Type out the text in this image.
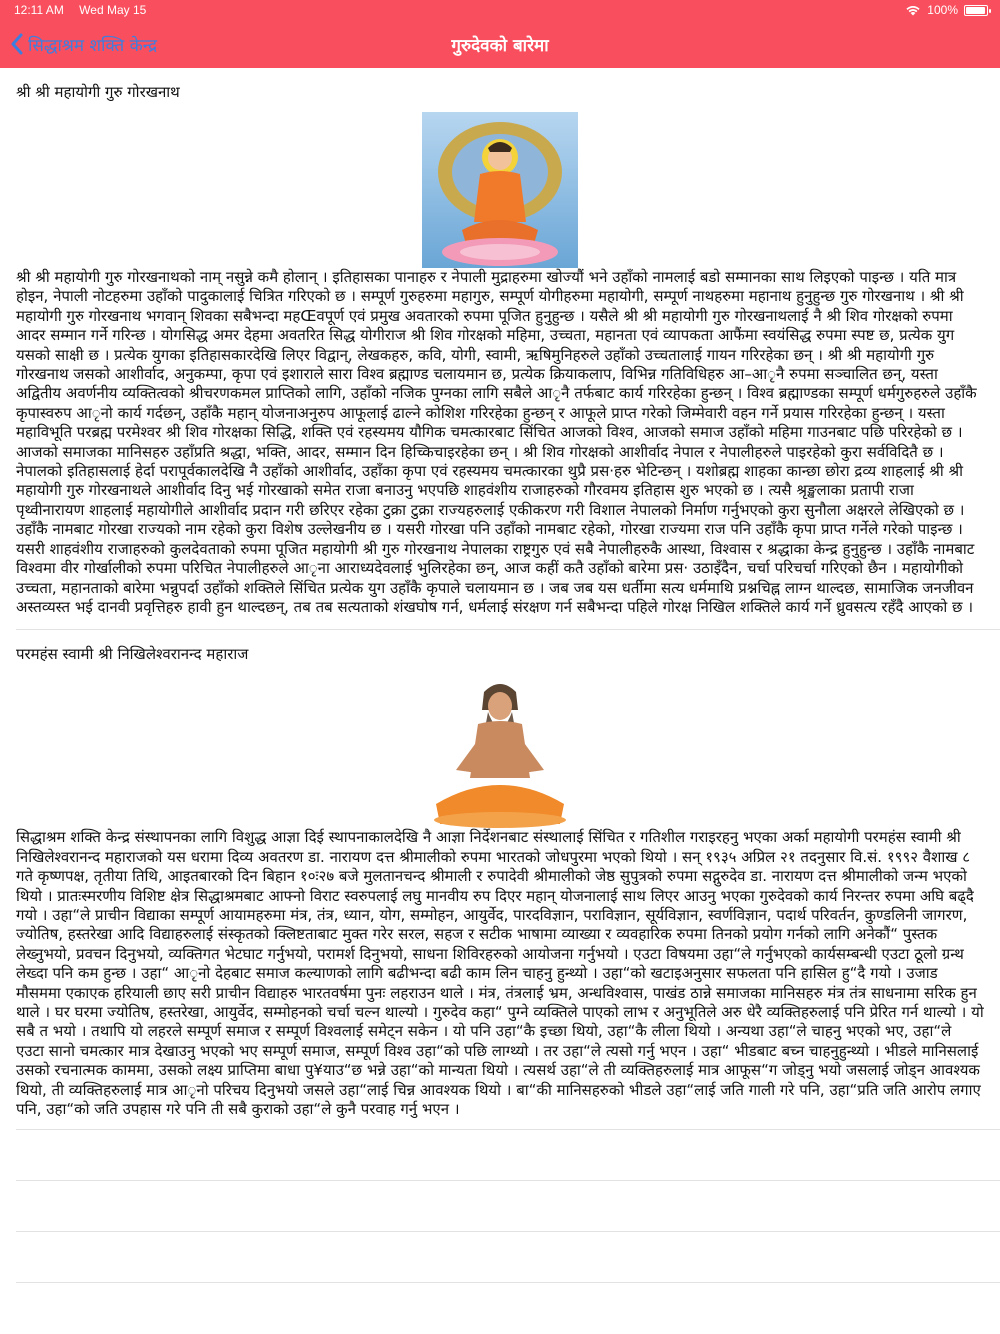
12:11 AM Wed May 15	100%
सिद्धाश्रम शक्ति केन्द्र	गुरुदेवको बारेमा
श्री श्री महायोगी गुरु गोरखनाथ

श्री श्री महायोगी गुरु गोरखनाथको नाम् नसुन्ने कमै होलान् । इतिहासका पानाहरु र नेपाली मुद्राहरुमा खोज्यौं भने उहाँको नामलाई बडो सम्मानका साथ लिइएको पाइन्छ । यति मात्र होइन, नेपाली नोटहरुमा उहाँको पादुकालाई चित्रित गरिएको छ । सम्पूर्ण गुरुहरुमा महागुरु, सम्पूर्ण योगीहरुमा महायोगी, सम्पूर्ण नाथहरुमा महानाथ हुनुहुन्छ गुरु गोरखनाथ । श्री श्री महायोगी गुरु गोरखनाथ भगवान् शिवका सबैभन्दा महŒवपूर्ण एवं प्रमुख अवतारको रुपमा पूजित हुनुहुन्छ । यसैले श्री श्री महायोगी गुरु गोरखनाथलाई नै श्री शिव गोरक्षको रुपमा आदर सम्मान गर्ने गरिन्छ । योगसिद्ध अमर देहमा अवतरित सिद्ध योगीराज श्री शिव गोरक्षको महिमा, उच्चता, महानता एवं व्यापकता आफैंमा स्वयंसिद्ध रुपमा स्पष्ट छ, प्रत्येक युग यसको साक्षी छ । प्रत्येक युगका इतिहासकारदेखि लिएर विद्वान्, लेखकहरु, कवि, योगी, स्वामी, ऋषिमुनिहरुले उहाँको उच्चतालाई गायन गरिरहेका छन् । श्री श्री महायोगी गुरु गोरखनाथ जसको आशीर्वाद, अनुकम्पा, कृपा एवं इशाराले सारा विश्व ब्रह्माण्ड चलायमान छ, प्रत्येक क्रियाकलाप, विभिन्न गतिविधिहरु आ–आ​ृनै रुपमा सञ्चालित छन्, यस्ता अद्वितीय अवर्णनीय व्यक्तित्वको श्रीचरणकमल प्राप्तिको लागि, उहाँको नजिक पुग्नका लागि सबैले आ​ृनै तर्फबाट कार्य गरिरहेका हुन्छन् । विश्व ब्रह्माण्डका सम्पूर्ण धर्मगुरुहरुले उहाँकै कृपास्वरुप आ​ृनो कार्य गर्दछन्, उहाँकै महान् योजनाअनुरुप आफूलाई ढाल्ने कोशिश गरिरहेका हुन्छन् र आफूले प्राप्त गरेको जिम्मेवारी वहन गर्ने प्रयास गरिरहेका हुन्छन् । यस्ता महाविभूति परब्रह्म परमेश्वर श्री शिव गोरक्षका सिद्धि, शक्ति एवं रहस्यमय यौगिक चमत्कारबाट सिंचित आजको विश्व, आजको समाज उहाँको महिमा गाउनबाट पछि परिरहेको छ । आजको समाजका मानिसहरु उहाँप्रति श्रद्धा, भक्ति, आदर, सम्मान दिन हिच्किचाइरहेका छन् । श्री शिव गोरक्षको आशीर्वाद नेपाल र नेपालीहरुले पाइरहेको कुरा सर्वविदितै छ । नेपालको इतिहासलाई हेर्दा परापूर्वकालदेखि नै उहाँको आशीर्वाद, उहाँका कृपा एवं रहस्यमय चमत्कारका थुप्रै प्रस·हरु भेटिन्छन् । यशोब्रह्म शाहका कान्छा छोरा द्रव्य शाहलाई श्री श्री महायोगी गुरु गोरखनाथले आशीर्वाद दिनु भई गोरखाको समेत राजा बनाउनु भएपछि शाहवंशीय राजाहरुको गौरवमय इतिहास शुरु भएको छ । त्यसै श्रृङ्खलाका प्रतापी राजा पृथ्वीनारायण शाहलाई महायोगीले आशीर्वाद प्रदान गरी छरिएर रहेका टुक्रा टुक्रा राज्यहरुलाई एकीकरण गरी विशाल नेपालको निर्माण गर्नुभएको कुरा सुनौला अक्षरले लेखिएको छ । उहाँकै नामबाट गोरखा राज्यको नाम रहेको कुरा विशेष उल्लेखनीय छ । यसरी गोरखा पनि उहाँको नामबाट रहेको, गोरखा राज्यमा राज पनि उहाँकै कृपा प्राप्त गर्नेले गरेको पाइन्छ । यसरी शाहवंशीय राजाहरुको कुलदेवताको रुपमा पूजित महायोगी श्री गुरु गोरखनाथ नेपालका राष्ट्रगुरु एवं सबै नेपालीहरुकै आस्था, विश्वास र श्रद्धाका केन्द्र हुनुहुन्छ । उहाँकै नामबाट विश्वमा वीर गोर्खालीको रुपमा परिचित नेपालीहरुले आ​ृना आराध्यदेवलाई भुलिरहेका छन्, आज कहीं कतै उहाँको बारेमा प्रस· उठाइँदैन, चर्चा परिचर्चा गरिएको छैन । महायोगीको उच्चता, महानताको बारेमा भन्नुपर्दा उहाँको शक्तिले सिंचित प्रत्येक युग उहाँकै कृपाले चलायमान छ । जब जब यस धर्तीमा सत्य धर्ममाथि प्रश्नचिह्न लाग्न थाल्दछ, सामाजिक जनजीवन अस्तव्यस्त भई दानवी प्रवृत्तिहरु हावी हुन थाल्दछन्, तब तब सत्यताको शंखघोष गर्न, धर्मलाई संरक्षण गर्न सबैभन्दा पहिले गोरक्ष निखिल शक्तिले कार्य गर्ने ध्रुवसत्य रहँदै आएको छ ।

परमहंस स्वामी श्री निखिलेश्वरानन्द महाराज

सिद्धाश्रम शक्ति केन्द्र संस्थापनका लागि विशुद्ध आज्ञा दिई स्थापनाकालदेखि नै आज्ञा निर्देशनबाट संस्थालाई सिंचित र गतिशील गराइरहनु भएका अर्का महायोगी परमहंस स्वामी श्री निखिलेश्वरानन्द महाराजको यस धरामा दिव्य अवतरण डा. नारायण दत्त श्रीमालीको रुपमा भारतको जोधपुरमा भएको थियो । सन् १९३५ अप्रिल २१ तदनुसार वि.सं. १९९२ वैशाख ८ गते कृष्णपक्ष, तृतीया तिथि, आइतबारको दिन बिहान १०ः२७ बजे मुलतानचन्द श्रीमाली र रुपादेवी श्रीमालीको जेष्ठ सुपुत्रको रुपमा सद्गुरुदेव डा. नारायण दत्त श्रीमालीको जन्म भएको थियो । प्रातःस्मरणीय विशिष्ट क्षेत्र सिद्धाश्रमबाट आफ्नो विराट स्वरुपलाई लघु मानवीय रुप दिएर महान् योजनालाई साथ लिएर आउनु भएका गुरुदेवको कार्य निरन्तर रुपमा अघि बढ्दै गयो । उहा“ले प्राचीन विद्याका सम्पूर्ण आयामहरुमा मंत्र, तंत्र, ध्यान, योग, सम्मोहन, आयुर्वेद, पारदविज्ञान, पराविज्ञान, सूर्यविज्ञान, स्वर्णविज्ञान, पदार्थ परिवर्तन, कुण्डलिनी जागरण, ज्योतिष, हस्तरेखा आदि विद्याहरुलाई संस्कृतको क्लिष्टताबाट मुक्त गरेर सरल, सहज र सटीक भाषामा व्याख्या र व्यवहारिक रुपमा तिनको प्रयोग गर्नको लागि अनेकौं“ पुस्तक लेख्नुभयो, प्रवचन दिनुभयो, व्यक्तिगत भेटघाट गर्नुभयो, परामर्श दिनुभयो, साधना शिविरहरुको आयोजना गर्नुभयो । एउटा विषयमा उहा“ले गर्नुभएको कार्यसम्बन्धी एउटा ठूलो ग्रन्थ लेख्दा पनि कम हुन्छ । उहा“ आ​ृनो देहबाट समाज कल्याणको लागि बढीभन्दा बढी काम लिन चाहनु हुन्थ्यो । उहा“को खटाइअनुसार सफलता पनि हासिल हु“दै गयो । उजाड मौसममा एकाएक हरियाली छाए सरी प्राचीन विद्याहरु भारतवर्षमा पुनः लहराउन थाले । मंत्र, तंत्रलाई भ्रम, अन्धविश्वास, पाखंड ठान्ने समाजका मानिसहरु मंत्र तंत्र साधनामा सरिक हुन थाले । घर घरमा ज्योतिष, हस्तरेखा, आयुर्वेद, सम्मोहनको चर्चा चल्न थाल्यो । गुरुदेव कहा“ पुग्ने व्यक्तिले पाएको लाभ र अनुभूतिले अरु धेरै व्यक्तिहरुलाई पनि प्रेरित गर्न थाल्यो । यो सबै त भयो । तथापि यो लहरले सम्पूर्ण समाज र सम्पूर्ण विश्वलाई समेट्न सकेन । यो पनि उहा“कै इच्छा थियो, उहा“कै लीला थियो । अन्यथा उहा“ले चाहनु भएको भए, उहा“ले एउटा सानो चमत्कार मात्र देखाउनु भएको भए सम्पूर्ण समाज, सम्पूर्ण विश्व उहा“को पछि लाग्थ्यो । तर उहा“ले त्यसो गर्नु भएन । उहा“ भीडबाट बच्न चाहनुहुन्थ्यो । भीडले मानिसलाई उसको रचनात्मक काममा, उसको लक्ष्य प्राप्तिमा बाधा पु¥याउ“छ भन्ने उहा“को मान्यता थियो । त्यसर्थ उहा“ले ती व्यक्तिहरुलाई मात्र आफूस“ग जोड्नु भयो जसलाई जोड्न आवश्यक थियो, ती व्यक्तिहरुलाई मात्र आ​ृनो परिचय दिनुभयो जसले उहा“लाई चिन्न आवश्यक थियो । बा“की मानिसहरुको भीडले उहा“लाई जति गाली गरे पनि, उहा“प्रति जति आरोप लगाए पनि, उहा“को जति उपहास गरे पनि ती सबै कुराको उहा“ले कुनै परवाह गर्नु भएन ।
